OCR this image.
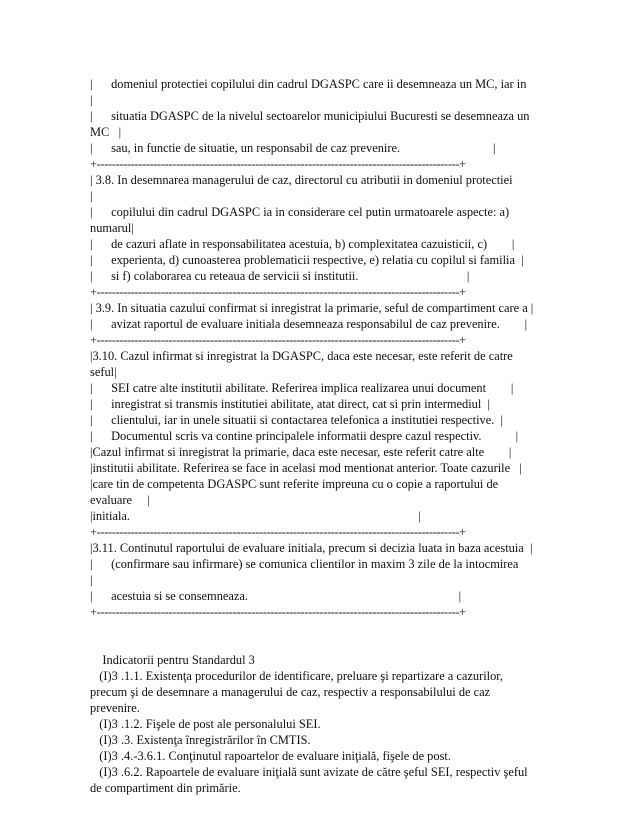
|      domeniul protectiei copilului din cadrul DGASPC care ii desemneaza un MC, iar in
|
|      situatia DGASPC de la nivelul sectoarelor municipiului Bucuresti se desemneaza un
MC   |
|      sau, in functie de situatie, un responsabil de caz prevenire.                              |
+------------------------------------------------------------------------------------------------+
| 3.8. In desemnarea managerului de caz, directorul cu atributii in domeniul protectiei
|
|      copilului din cadrul DGASPC ia in considerare cel putin urmatoarele aspecte: a)
numarul|
|      de cazuri aflate in responsabilitatea acestuia, b) complexitatea cazuisticii, c)        |
|      experienta, d) cunoasterea problematicii respective, e) relatia cu copilul si familia  |
|      si f) colaborarea cu reteaua de servicii si institutii.                                   |
+------------------------------------------------------------------------------------------------+
| 3.9. In situatia cazului confirmat si inregistrat la primarie, seful de compartiment care a |
|      avizat raportul de evaluare initiala desemneaza responsabilul de caz prevenire.        |
+------------------------------------------------------------------------------------------------+
|3.10. Cazul infirmat si inregistrat la DGASPC, daca este necesar, este referit de catre
seful|
|      SEI catre alte institutii abilitate. Referirea implica realizarea unui document        |
|      inregistrat si transmis institutiei abilitate, atat direct, cat si prin intermediul  |
|      clientului, iar in unele situatii si contactarea telefonica a institutiei respective.  |
|      Documentul scris va contine principalele informatii despre cazul respectiv.           |
|Cazul infirmat si inregistrat la primarie, daca este necesar, este referit catre alte        |
|institutii abilitate. Referirea se face in acelasi mod mentionat anterior. Toate cazurile   |
|care tin de competenta DGASPC sunt referite impreuna cu o copie a raportului de
evaluare     |
|initiala.                                                                                             |
+------------------------------------------------------------------------------------------------+
|3.11. Continutul raportului de evaluare initiala, precum si decizia luata in baza acestuia  |
|      (confirmare sau infirmare) se comunica clientilor in maxim 3 zile de la intocmirea
|
|      acestuia si se consemneaza.                                                                    |
+------------------------------------------------------------------------------------------------+
Indicatorii pentru Standardul 3
(I)3 .1.1. Existenţa procedurilor de identificare, preluare şi repartizare a cazurilor,
precum şi de desemnare a managerului de caz, respectiv a responsabilului de caz
prevenire.
(I)3 .1.2. Fişele de post ale personalului SEI.
(I)3 .3. Existenţa înregistrărilor în CMTIS.
(I)3 .4.-3.6.1. Conţinutul rapoartelor de evaluare iniţială, fişele de post.
(I)3 .6.2. Rapoartele de evaluare iniţială sunt avizate de către şeful SEI, respectiv şeful
de compartiment din primărie.
